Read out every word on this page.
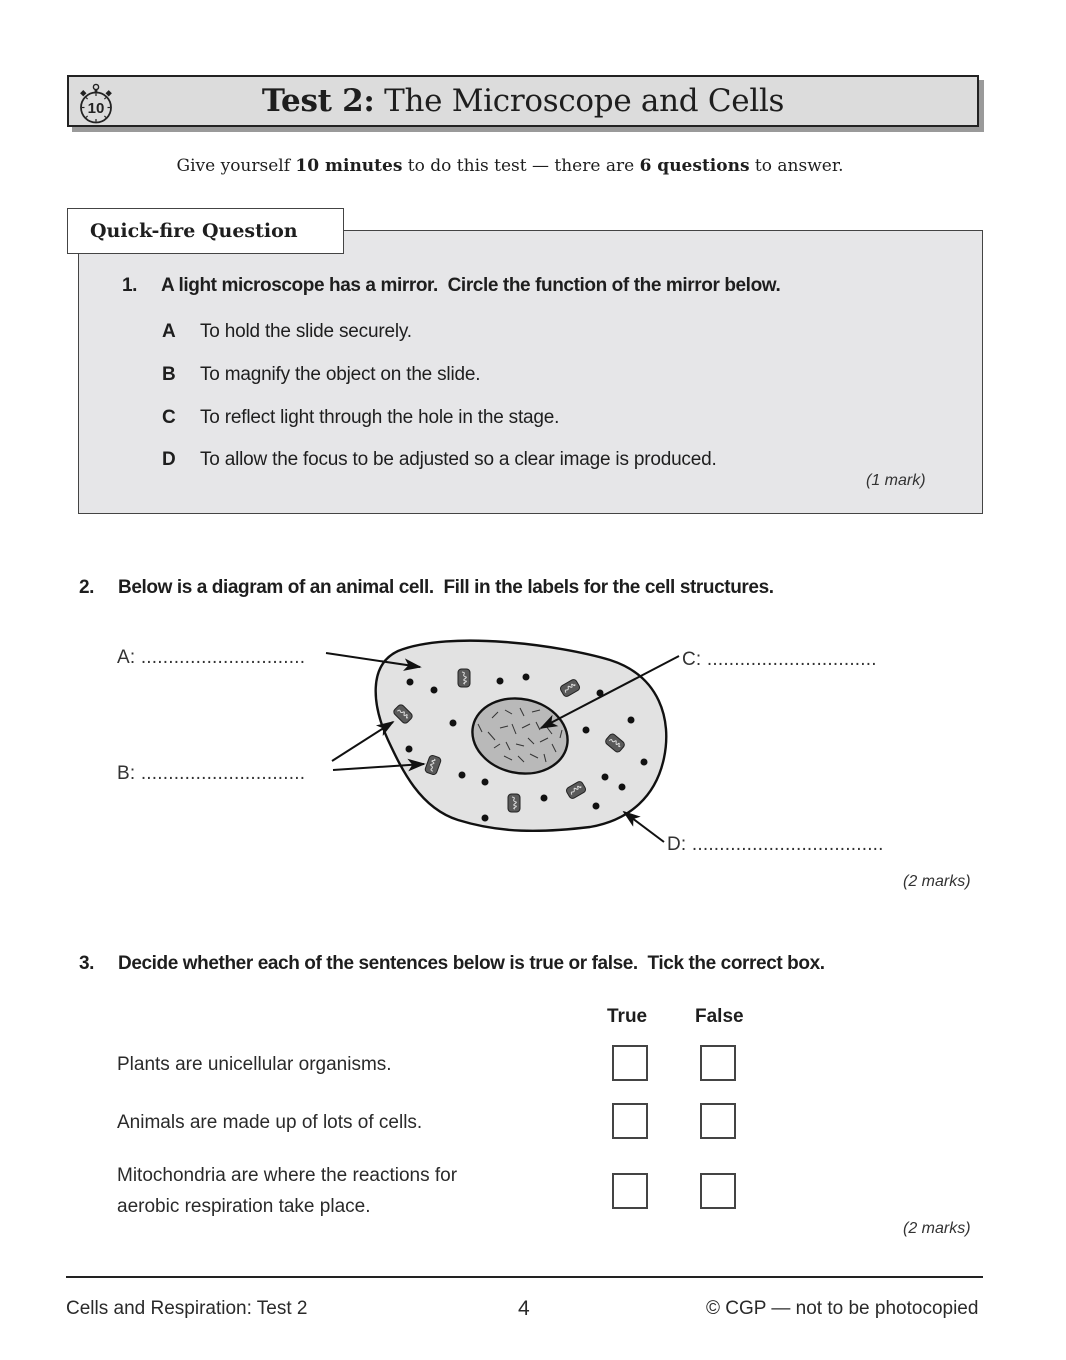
Test 2: The Microscope and Cells
10
Give yourself 10 minutes to do this test — there are 6 questions to answer.
Quick-fire Question
1. A light microscope has a mirror.  Circle the function of the mirror below.
A To hold the slide securely.
B To magnify the object on the slide.
C To reflect light through the hole in the stage.
D To allow the focus to be adjusted so a clear image is produced.
(1 mark)
2. Below is a diagram of an animal cell.  Fill in the labels for the cell structures.
A: ..............................
B: ..............................
C: ...............................
D: ...................................
(2 marks)
3. Decide whether each of the sentences below is true or false.  Tick the correct box.
True	False
Plants are unicellular organisms.
Animals are made up of lots of cells.
Mitochondria are where the reactions for
aerobic respiration take place.
(2 marks)
Cells and Respiration: Test 2	4	© CGP — not to be photocopied
